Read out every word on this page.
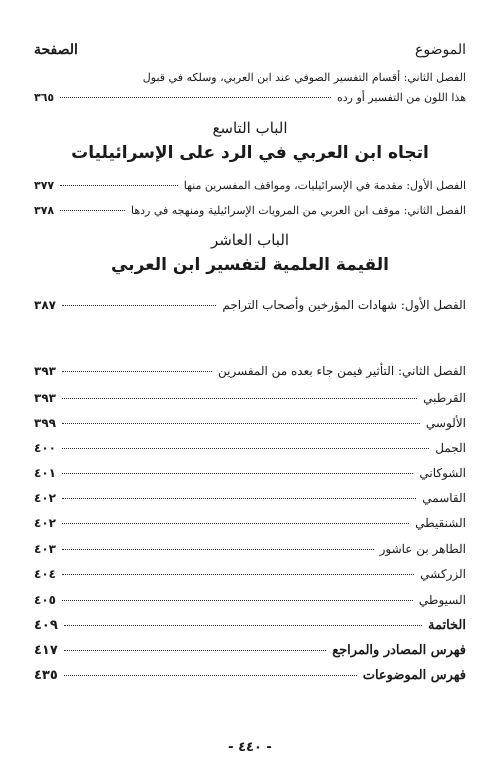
الموضوع
الصفحة
الفصل الثاني: أقسام التفسير الصوفي عند ابن العربي، وسلكه في قبول
هذا اللون من التفسير أو رده
٣٦٥
الباب التاسع
اتجاه ابن العربي في الرد على الإسرائيليات
الفصل الأول: مقدمة في الإسرائيليات، ومواقف المفسرين منها
٣٧٧
الفصل الثاني: موقف ابن العربي من المرويات الإسرائيلية ومنهجه في ردها
٣٧٨
الباب العاشر
القيمة العلمية لتفسير ابن العربي
الفصل الأول: شهادات المؤرخين وأصحاب التراجم
٣٨٧
الفصل الثاني: التأثير فيمن جاء بعده من المفسرين
٣٩٣
القرطبي
٣٩٣
الألوسي
٣٩٩
الجمل
٤٠٠
الشوكاني
٤٠١
القاسمي
٤٠٢
الشنقيطي
٤٠٢
الطاهر بن عاشور
٤٠٣
الزركشي
٤٠٤
السيوطي
٤٠٥
الخاتمة
٤٠٩
فهرس المصادر والمراجع
٤١٧
فهرس الموضوعات
٤٣٥
- ٤٤٠ -
